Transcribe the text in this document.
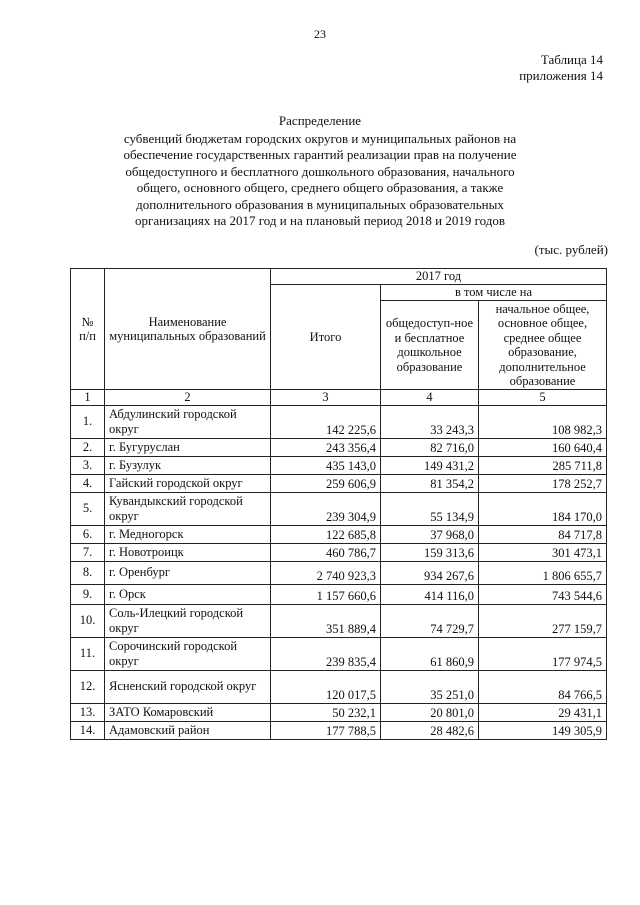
23
Таблица 14
приложения 14
Распределение
субвенций бюджетам городских округов и муниципальных районов на
обеспечение государственных гарантий реализации прав на получение
общедоступного и бесплатного дошкольного образования, начального
общего, основного общего, среднего общего образования, а также
дополнительного образования в муниципальных образовательных
организациях на 2017 год и на плановый период 2018 и 2019 годов
(тыс. рублей)
№ п/п	Наименование муниципальных образований	2017 год		
		Итого	в том числе на	
			общедоступ-ное и бесплатное дошкольное образование	начальное общее, основное общее, среднее общее образование, дополнительное образование
1	2	3	4	5
1.	Абдулинский городской округ	142 225,6	33 243,3	108 982,3
2.	г. Бугуруслан	243 356,4	82 716,0	160 640,4
3.	г. Бузулук	435 143,0	149 431,2	285 711,8
4.	Гайский городской округ	259 606,9	81 354,2	178 252,7
5.	Кувандыкский городской округ	239 304,9	55 134,9	184 170,0
6.	г. Медногорск	122 685,8	37 968,0	84 717,8
7.	г. Новотроицк	460 786,7	159 313,6	301 473,1
8.	г. Оренбург	2 740 923,3	934 267,6	1 806 655,7
9.	г. Орск	1 157 660,6	414 116,0	743 544,6
10.	Соль-Илецкий городской округ	351 889,4	74 729,7	277 159,7
11.	Сорочинский городской округ	239 835,4	61 860,9	177 974,5
12.	Ясненский городской округ	120 017,5	35 251,0	84 766,5
13.	ЗАТО Комаровский	50 232,1	20 801,0	29 431,1
14.	Адамовский район	177 788,5	28 482,6	149 305,9
